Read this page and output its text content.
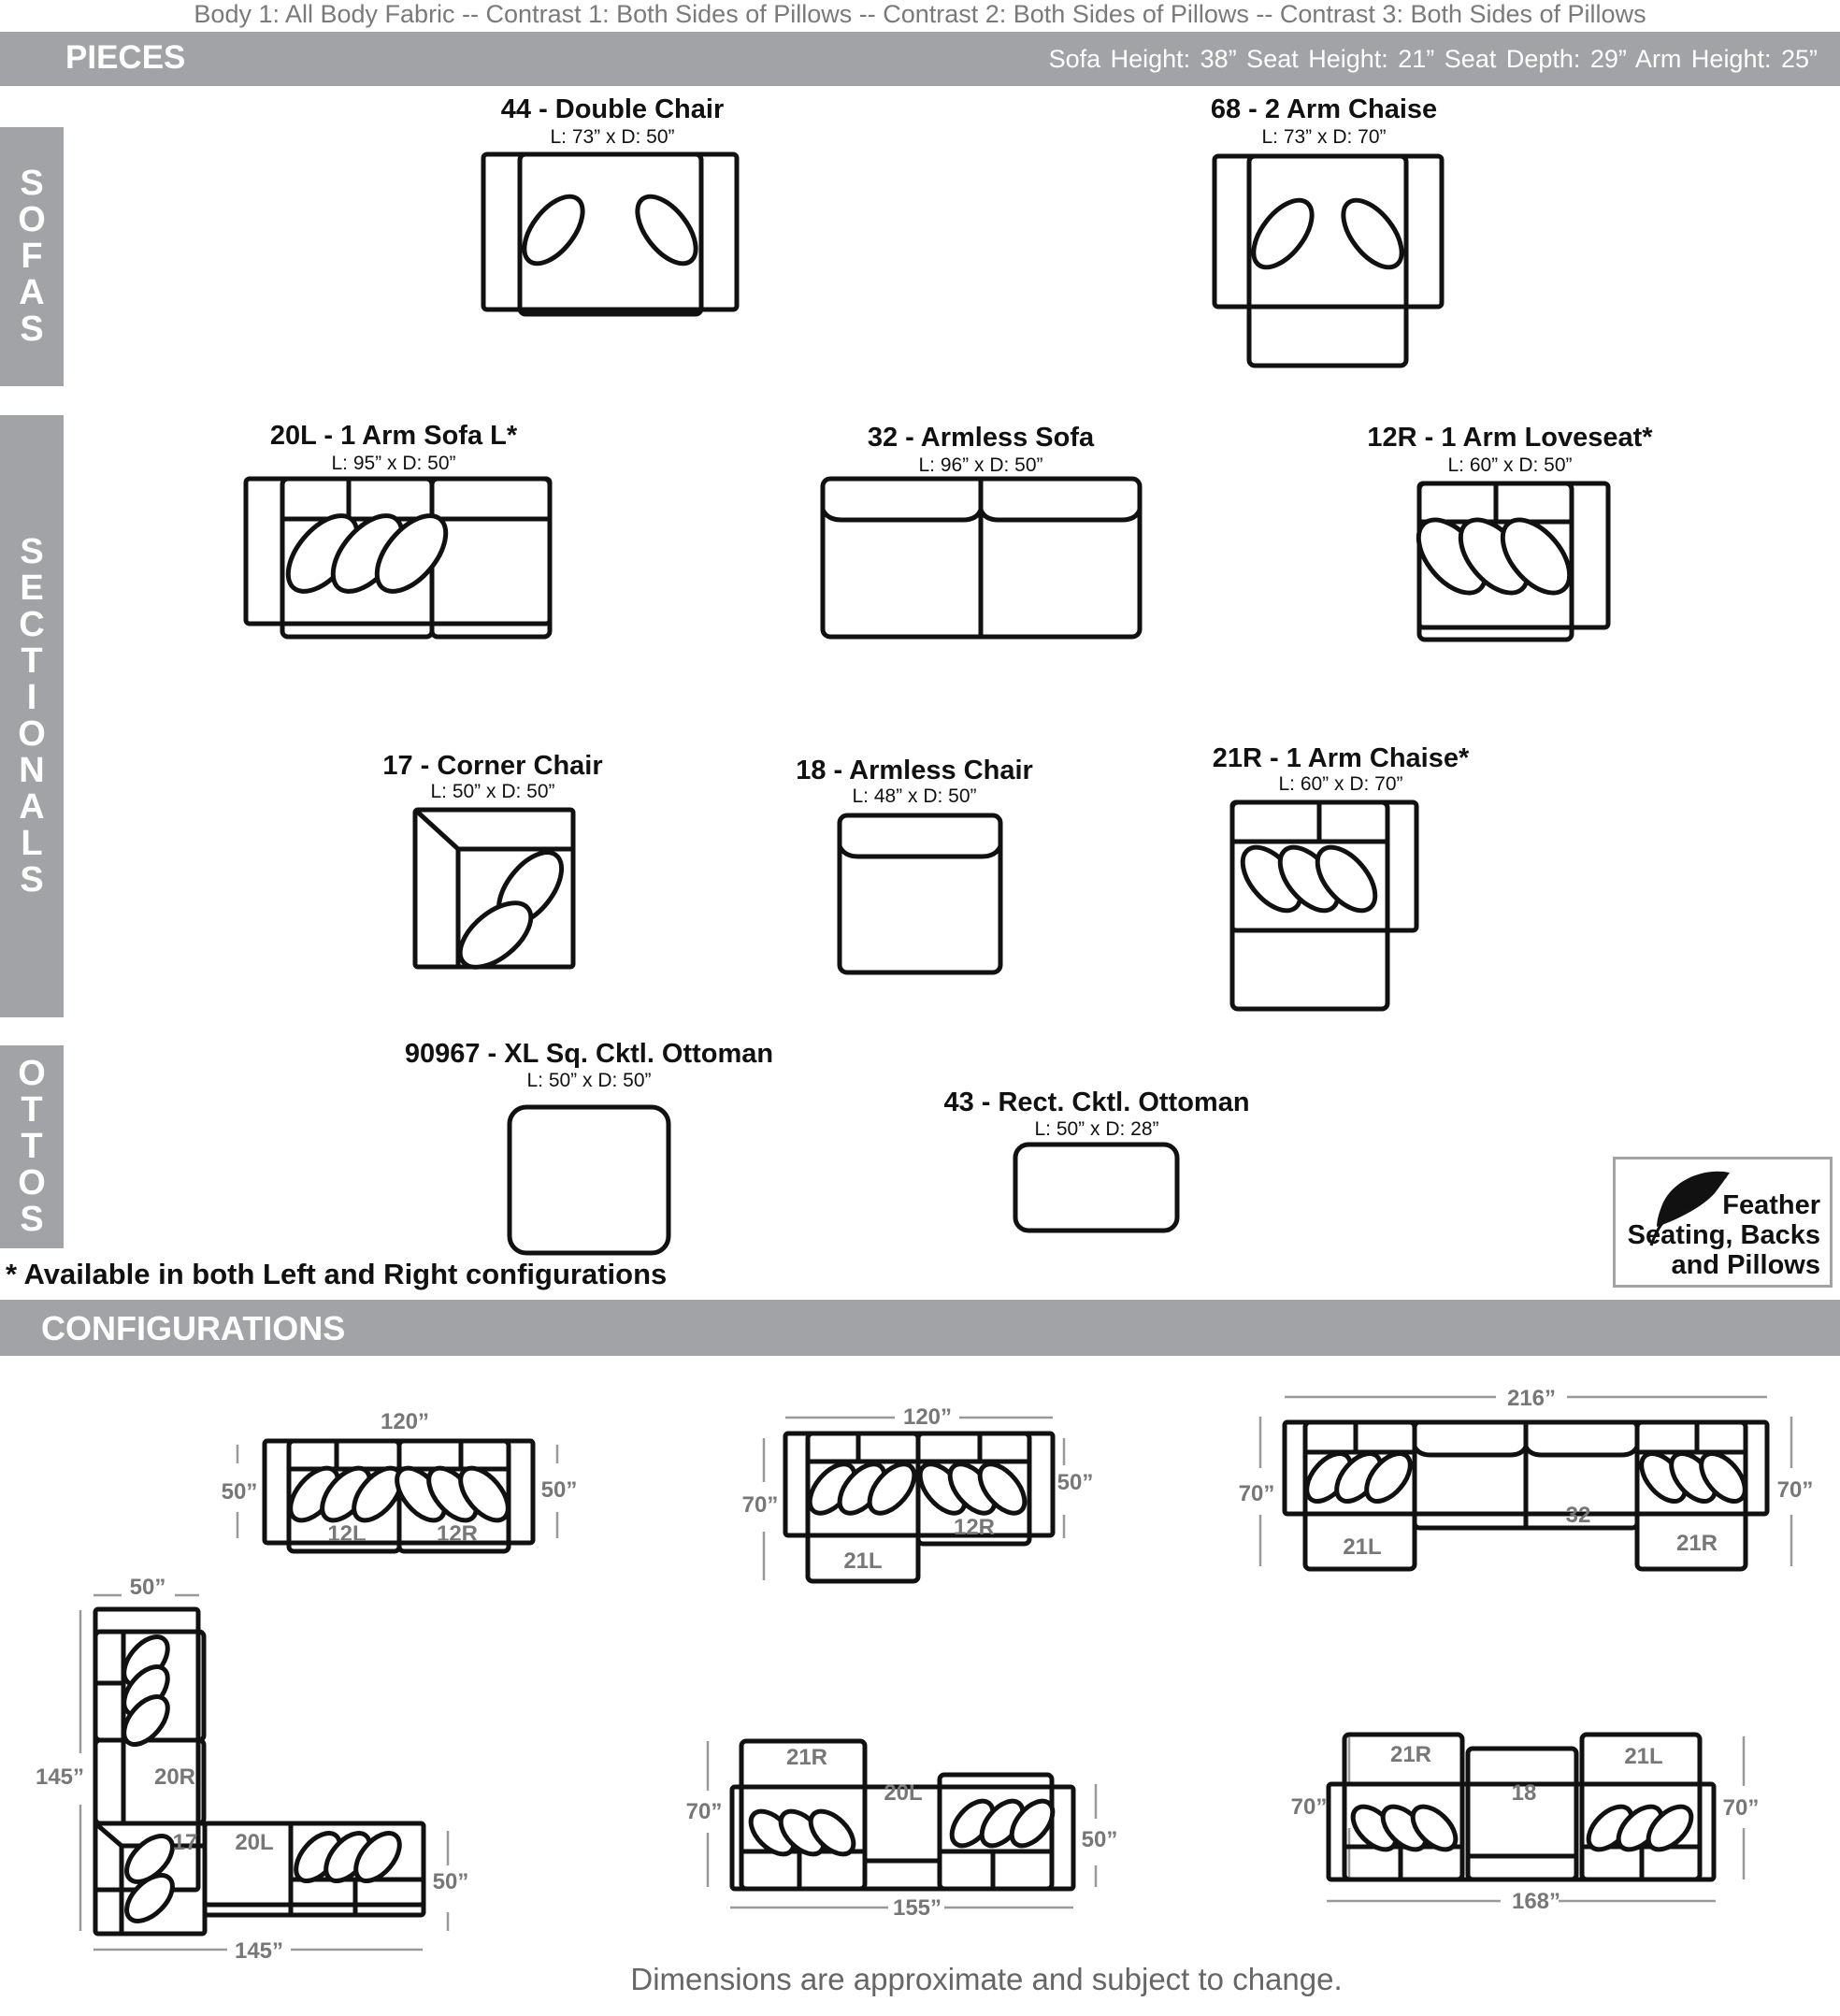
Body 1: All Body Fabric -- Contrast 1: Both Sides of Pillows -- Contrast 2: Both Sides of Pillows -- Contrast 3: Both Sides of Pillows
PIECES	Sofa Height: 38” Seat Height: 21” Seat Depth: 29” Arm Height: 25”
S
O
F
A
S
S
E
C
T
I
O
N
A
L
S
O
T
T
O
S
44 - Double Chair
L: 73” x D: 50”
68 - 2 Arm Chaise
L: 73” x D: 70”
20L - 1 Arm Sofa L*
L: 95” x D: 50”
32 - Armless Sofa
L: 96” x D: 50”
12R - 1 Arm Loveseat*
L: 60” x D: 50”
17 - Corner Chair
L: 50” x D: 50”
18 - Armless Chair
L: 48” x D: 50”
21R - 1 Arm Chaise*
L: 60” x D: 70”
90967 - XL Sq. Cktl. Ottoman
L: 50” x D: 50”
43 - Rect. Cktl. Ottoman
L: 50” x D: 28”
* Available in both Left and Right configurations
Feather
Seating, Backs
and Pillows
CONFIGURATIONS
120”
50”	50”
12L	12R
120”
70”
50”
21L
12R
216”
70”	70”
21L
32
21R
50”
145”
50”
145”
20R
17 20L
155”
70”
50”
21R
20L
168”
70”	70”
21R
18
21L
Dimensions are approximate and subject to change.
